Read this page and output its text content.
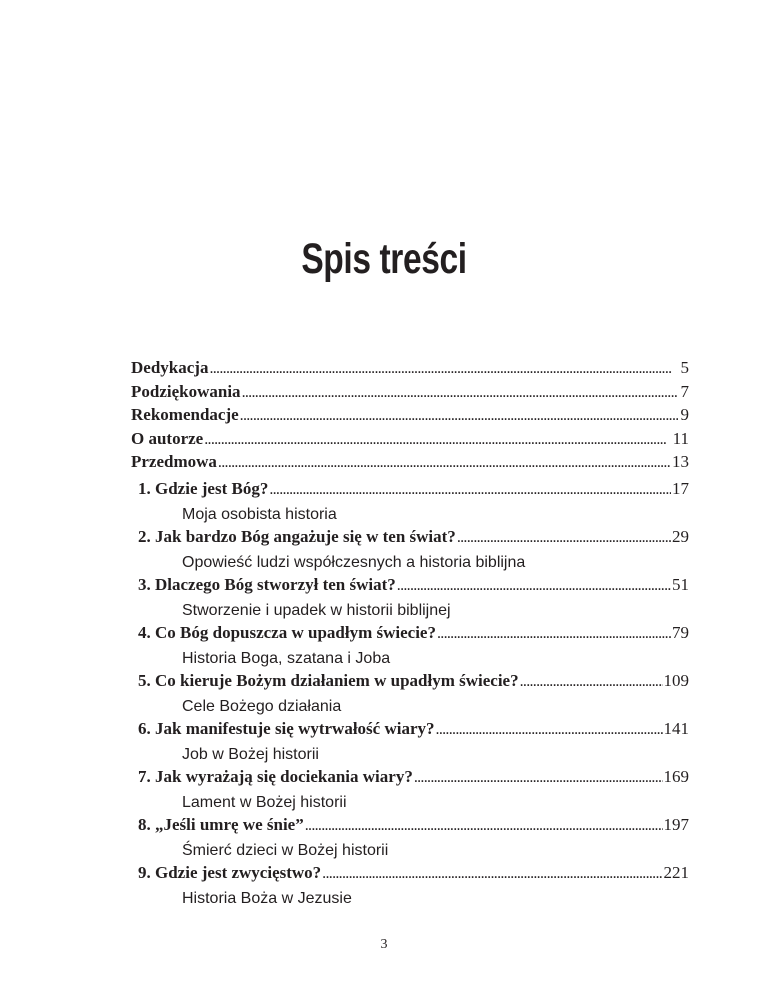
Spis treści
Dedykacja . . .	5
Podziękowania . . .	7
Rekomendacje . . .	9
O autorze . . .	11
Przedmowa . . .	13
1. Gdzie jest Bóg? . . .	17
Moja osobista historia
2. Jak bardzo Bóg angażuje się w ten świat? . . .	29
Opowieść ludzi współczesnych a historia biblijna
3. Dlaczego Bóg stworzył ten świat? . . .	51
Stworzenie i upadek w historii biblijnej
4. Co Bóg dopuszcza w upadłym świecie? . . .	79
Historia Boga, szatana i Joba
5. Co kieruje Bożym działaniem w upadłym świecie? . . .	109
Cele Bożego działania
6. Jak manifestuje się wytrwałość wiary? . . .	141
Job w Bożej historii
7. Jak wyrażają się dociekania wiary? . . .	169
Lament w Bożej historii
8. „Jeśli umrę we śnie” . . .	197
Śmierć dzieci w Bożej historii
9. Gdzie jest zwycięstwo? . . .	221
Historia Boża w Jezusie
3
